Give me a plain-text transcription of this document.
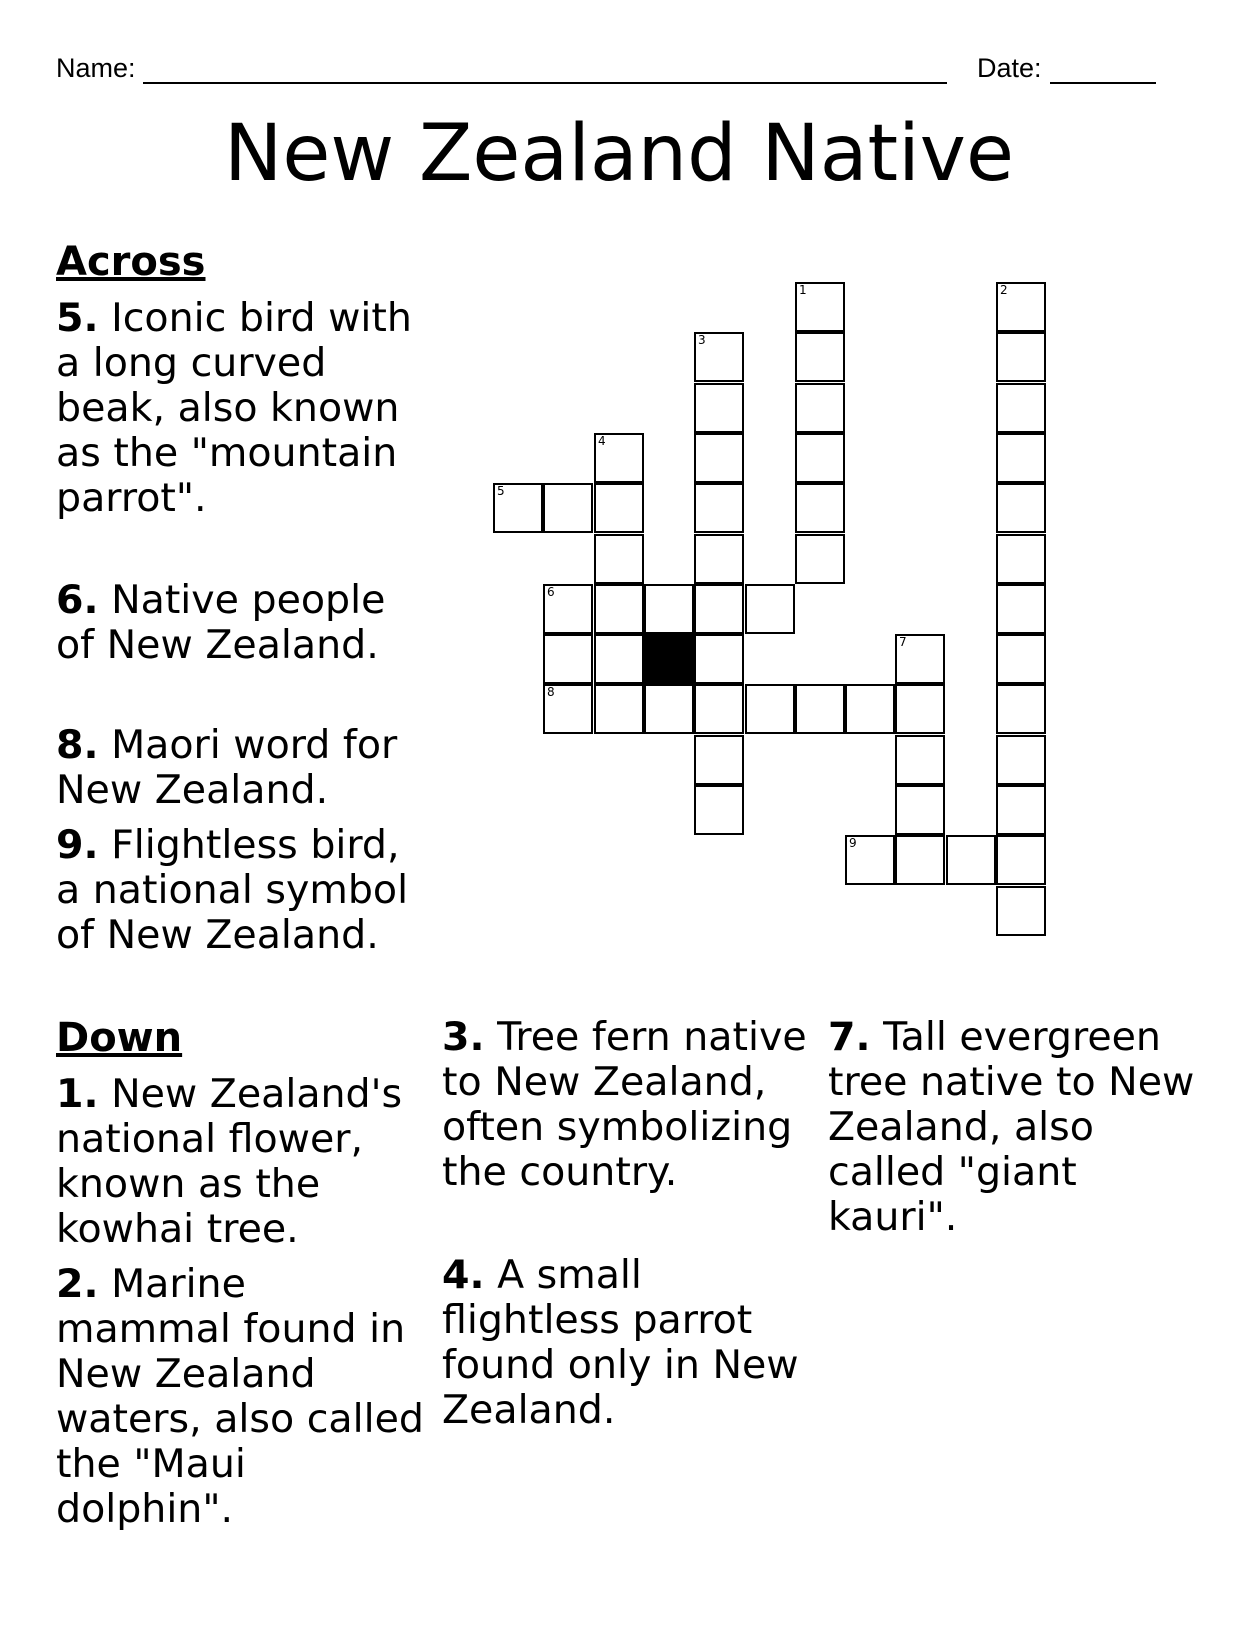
Name:	Date:
New Zealand Native
Across

5. Iconic bird with a long curved beak, also known as the "mountain parrot".

6. Native people of New Zealand.

8. Maori word for New Zealand.

9. Flightless bird, a national symbol of New Zealand.

Down

1. New Zealand's national flower, known as the kowhai tree.

2. Marine mammal found in New Zealand waters, also called the "Maui dolphin".

3. Tree fern native to New Zealand, often symbolizing the country.

4. A small flightless parrot found only in New Zealand.

7. Tall evergreen tree native to New Zealand, also called "giant kauri".

1	2
3
4
5
6
7
8
9
